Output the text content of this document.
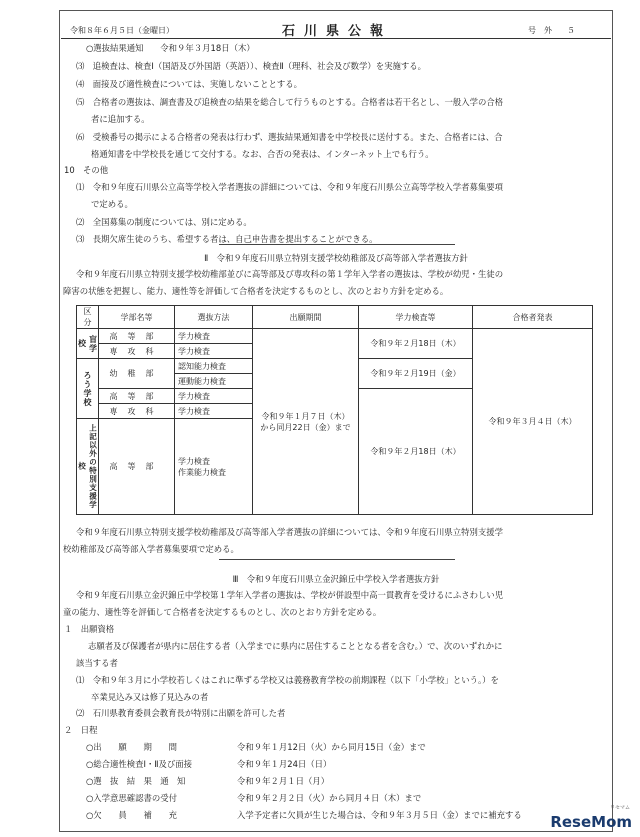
令和８年６月５日（金曜日）	石川県公報	号外 ５
○選抜結果通知　　令和９年３月18日（木）
⑶　追検査は、検査Ⅰ（国語及び外国語（英語））、検査Ⅱ（理科、社会及び数学）を実施する。
⑷　面接及び適性検査については、実施しないこととする。
⑸　合格者の選抜は、調査書及び追検査の結果を総合して行うものとする。合格者は若干名とし、一般入学の合格
者に追加する。
⑹　受検番号の掲示による合格者の発表は行わず、選抜結果通知書を中学校長に送付する。また、合格者には、合
格通知書を中学校長を通じて交付する。なお、合否の発表は、インターネット上でも行う。
10　その他
⑴　令和９年度石川県公立高等学校入学者選抜の詳細については、令和９年度石川県公立高等学校入学者募集要項
で定める。
⑵　全国募集の制度については、別に定める。
⑶　長期欠席生徒のうち、希望する者は、自己申告書を提出することができる。
Ⅱ　令和９年度石川県立特別支援学校幼稚部及び高等部入学者選抜方針
令和９年度石川県立特別支援学校幼稚部並びに高等部及び専攻科の第１学年入学者の選抜は、学校が幼児・生徒の
障害の状態を把握し、能力、適性等を評価して合格者を決定するものとし、次のとおり方針を定める。
区分	学部名等	選抜方法	出願期間	学力検査等	合格者発表
盲学校	高等部	学力検査	令和９年１月７日（木）
から同月22日（金）まで	令和９年２月18日（木）	令和９年３月４日（木）
	専攻科	学力検査			
ろう学校	幼稚部	認知能力検査		令和９年２月19日（金）	
		運動能力検査			
	高等部	学力検査		令和９年２月18日（木）	
	専攻科	学力検査			
上記以外の特別支援学校	高等部	学力検査
作業能力検査			
令和９年度石川県立特別支援学校幼稚部及び高等部入学者選抜の詳細については、令和９年度石川県立特別支援学
校幼稚部及び高等部入学者募集要項で定める。
Ⅲ　令和９年度石川県立金沢錦丘中学校入学者選抜方針
令和９年度石川県立金沢錦丘中学校第１学年入学者の選抜は、学校が併設型中高一貫教育を受けるにふさわしい児
童の能力、適性等を評価して合格者を決定するものとし、次のとおり方針を定める。
１　出願資格
志願者及び保護者が県内に居住する者（入学までに県内に居住することとなる者を含む。）で、次のいずれかに
該当する者
⑴　令和９年３月に小学校若しくはこれに準ずる学校又は義務教育学校の前期課程（以下「小学校」という。）を
卒業見込み又は修了見込みの者
⑵　石川県教育委員会教育長が特別に出願を許可した者
２　日程
○出　　願　　期　　間	令和９年１月12日（火）から同月15日（金）まで
○総合適性検査Ⅰ・Ⅱ及び面接	令和９年１月24日（日）
○選　抜　結　果　通　知	令和９年２月１日（月）
○入学意思確認書の受付	令和９年２月２日（火）から同月４日（木）まで
○欠　　員　　補　　充	入学予定者に欠員が生じた場合は、令和９年３月５日（金）までに補充する
リセマム
ReseMom
